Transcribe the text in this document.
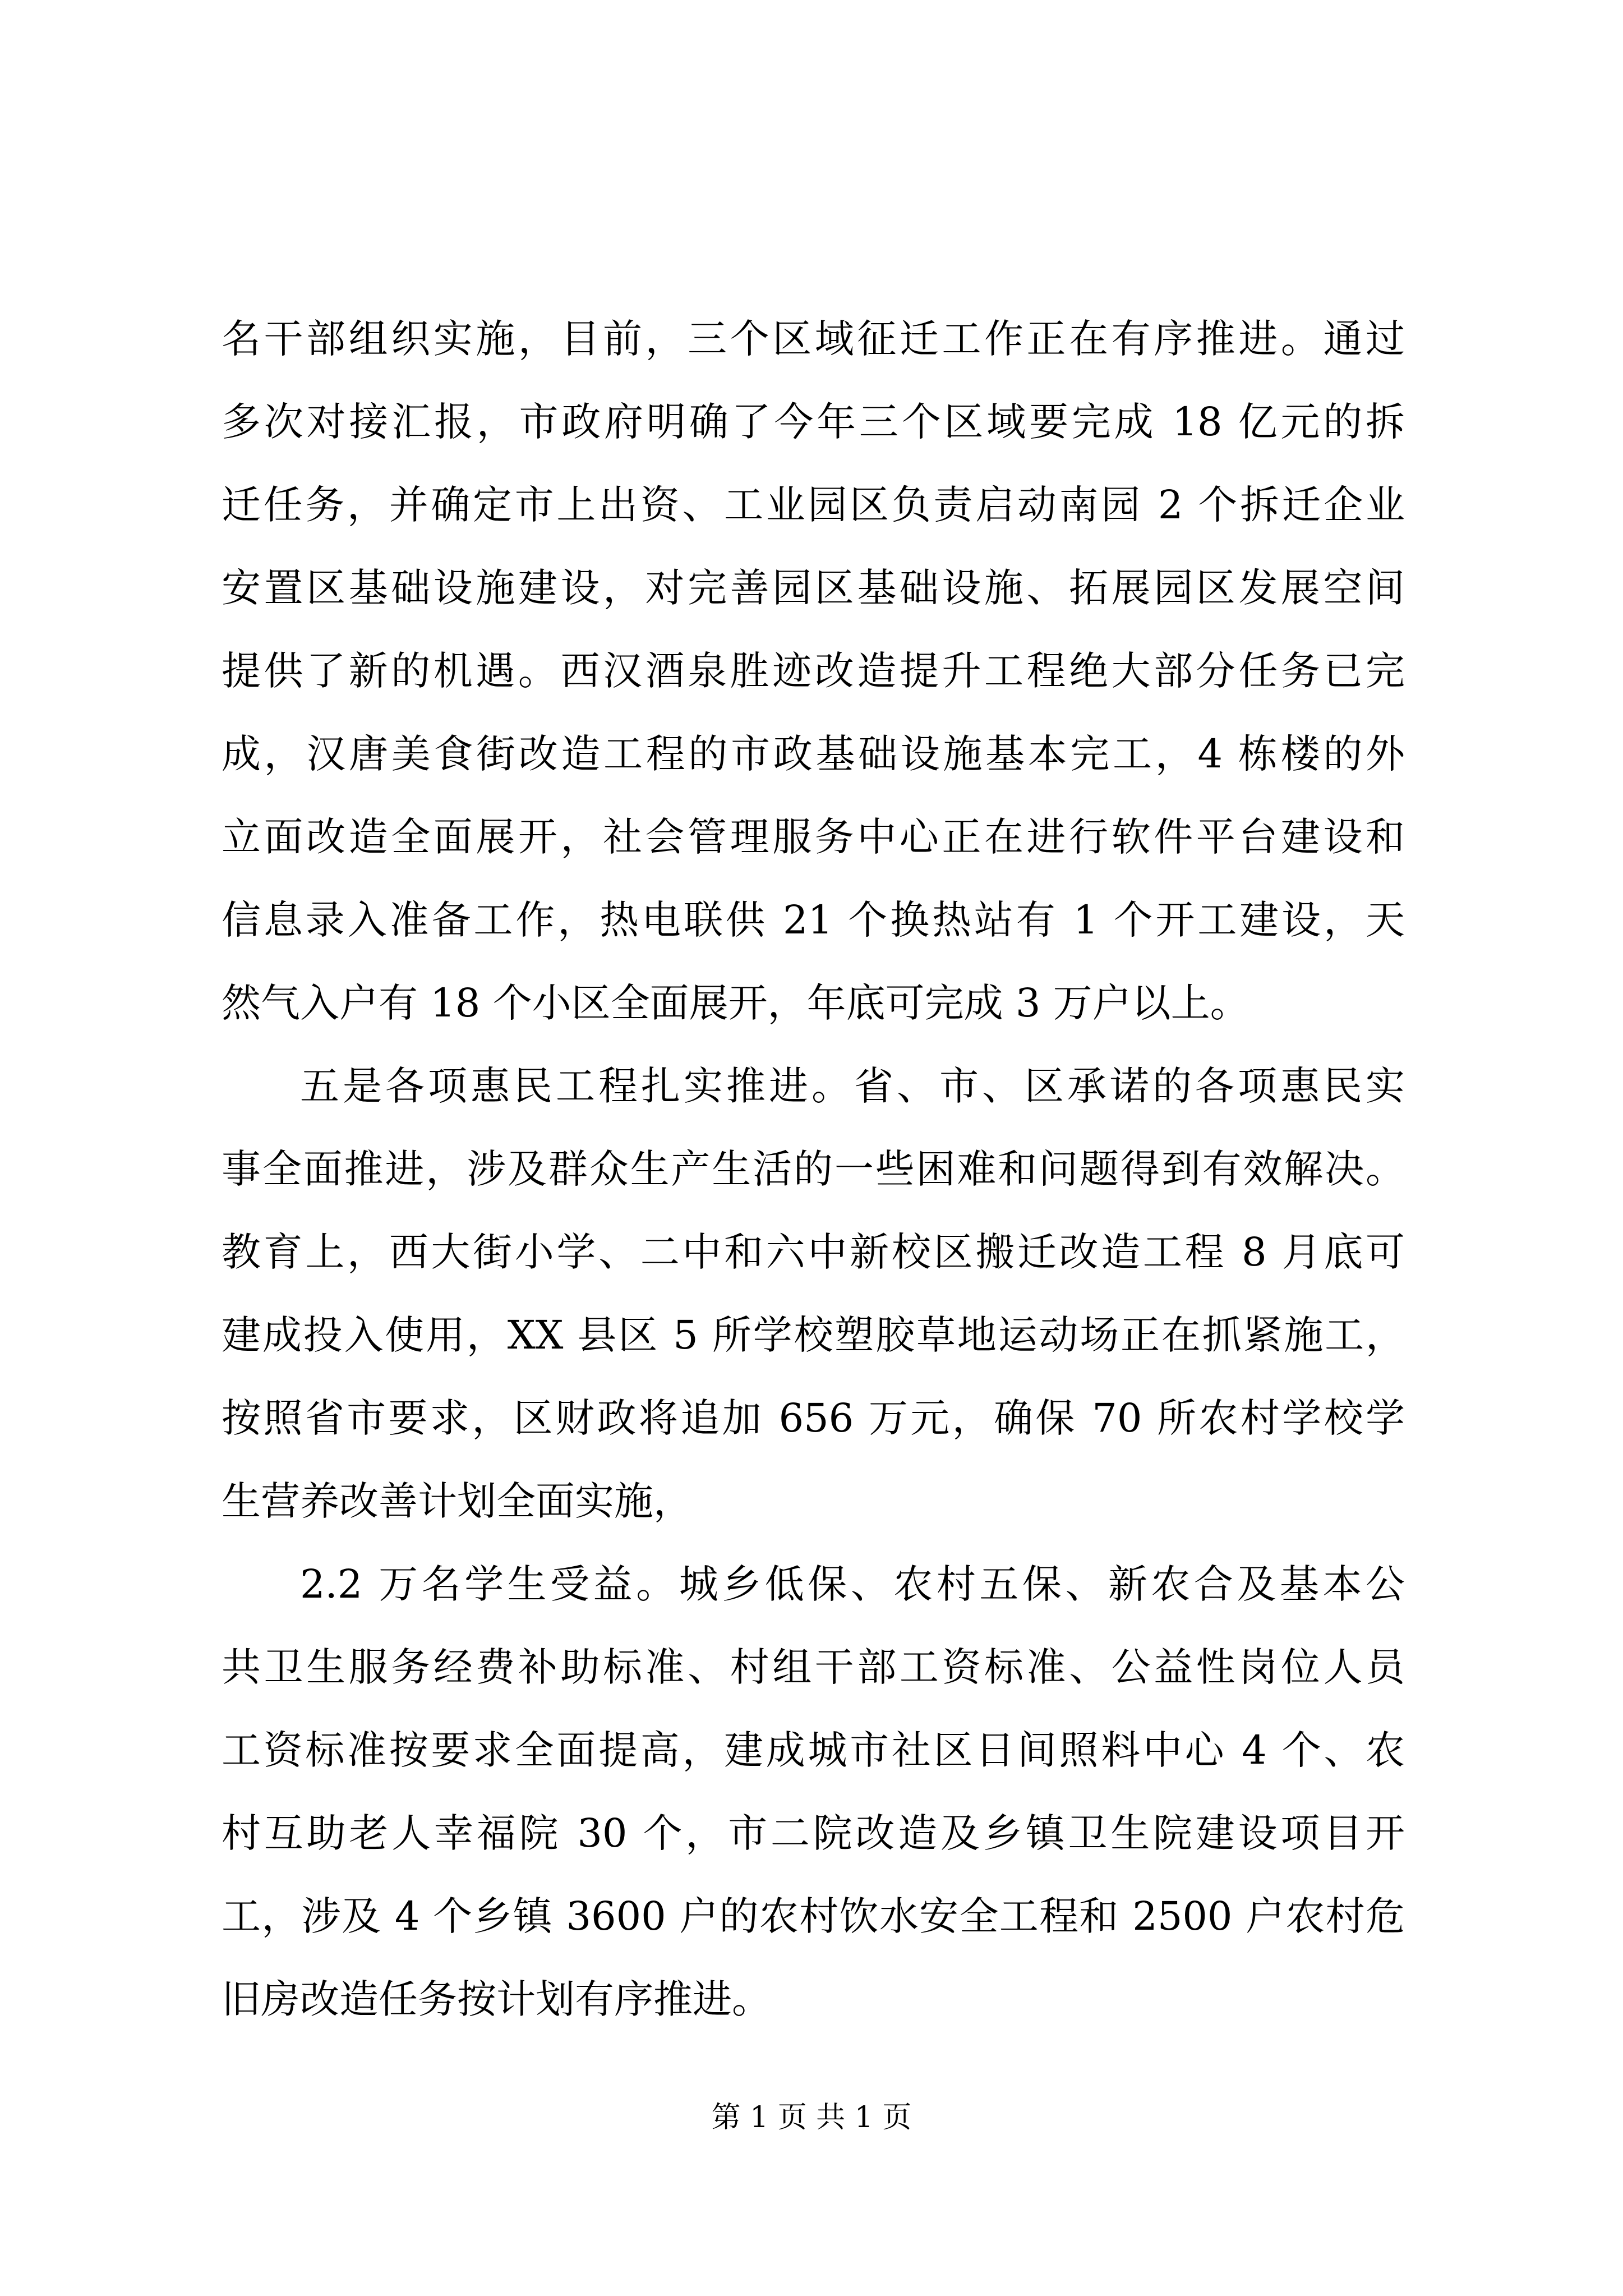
名干部组织实施，目前，三个区域征迁工作正在有序推进。通过
多次对接汇报，市政府明确了今年三个区域要完成 18 亿元的拆
迁任务，并确定市上出资、工业园区负责启动南园 2 个拆迁企业
安置区基础设施建设，对完善园区基础设施、拓展园区发展空间
提供了新的机遇。西汉酒泉胜迹改造提升工程绝大部分任务已完
成，汉唐美食街改造工程的市政基础设施基本完工，4 栋楼的外
立面改造全面展开，社会管理服务中心正在进行软件平台建设和
信息录入准备工作，热电联供 21 个换热站有 1 个开工建设，天
然气入户有 18 个小区全面展开，年底可完成 3 万户以上。
五是各项惠民工程扎实推进。省、市、区承诺的各项惠民实
事全面推进，涉及群众生产生活的一些困难和问题得到有效解决。
教育上，西大街小学、二中和六中新校区搬迁改造工程 8 月底可
建成投入使用，XX 县区 5 所学校塑胶草地运动场正在抓紧施工，
按照省市要求，区财政将追加 656 万元，确保 70 所农村学校学
生营养改善计划全面实施，
2.2 万名学生受益。城乡低保、农村五保、新农合及基本公
共卫生服务经费补助标准、村组干部工资标准、公益性岗位人员
工资标准按要求全面提高，建成城市社区日间照料中心 4 个、农
村互助老人幸福院 30 个，市二院改造及乡镇卫生院建设项目开
工，涉及 4 个乡镇 3600 户的农村饮水安全工程和 2500 户农村危
旧房改造任务按计划有序推进。
第 1 页 共 1 页
